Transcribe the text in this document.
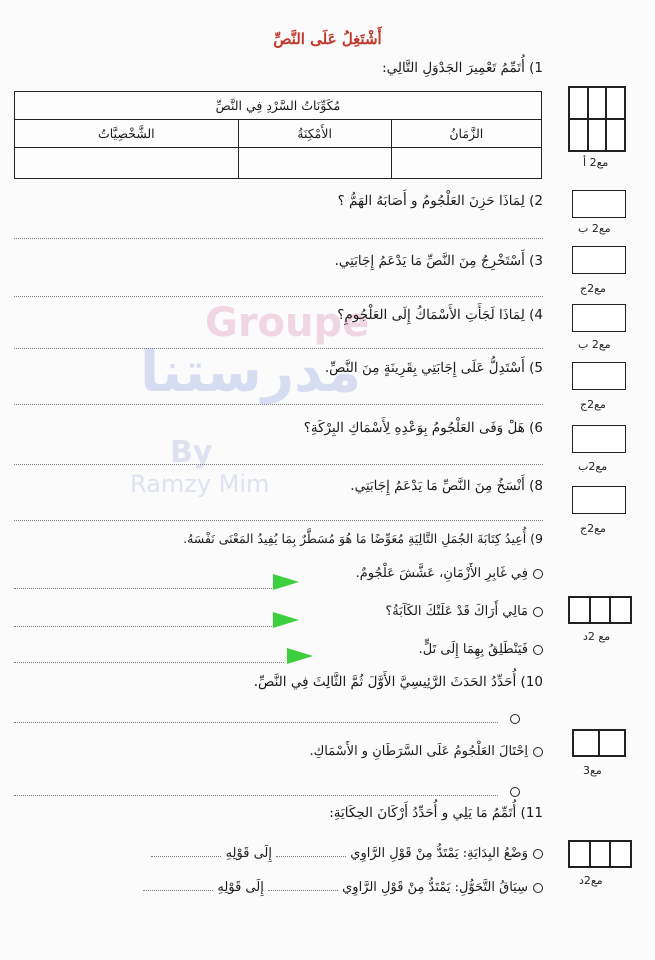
Groupe
مدرستنا
By
Ramzy Mim
أَشْتَغِلُ عَلَى النَّصِّ
1) أُتَمِّمُ تَعْمِيرَ الجَدْوَلِ التَّالِي:
مُكَوِّنَاتُ السَّرْدِ فِي النَّصِّ		
الزَّمَانُ	الأَمْكِنَةُ	الشَّخْصِيَّاتُ

2) لِمَاذَا حَزِنَ العَلْجُومُ و أَصَابَهُ الهَمُّ ؟
3) أَسْتَخْرِجُ مِنَ النَّصِّ مَا يَدْعَمُ إِجَابَتِي.
4) لِمَاذَا لَجَأَتِ الأَسْمَاكُ إِلَى العَلْجُومِ؟
5) أَسْتَدِلُّ عَلَى إِجَابَتِي بِقَرِينَةٍ مِنَ النَّصِّ.
6) هَلْ وَفَى العَلْجُومُ بِوَعْدِهِ لِأَسْمَاكِ البِرْكَةِ؟
8) أَنْسَخُ مِنَ النَّصِّ مَا يَدْعَمُ إِجَابَتِي.
9) أُعِيدُ كِتَابَةَ الجُمَلِ التَّالِيَةِ مُعَوِّضًا مَا هُوَ مُسَطَّرٌ بِمَا يُفِيدُ المَعْنَى نَفْسَهُ.
فِي غَابِرِ الأَزْمَانِ، عَشَّشَ عَلْجُومٌ.
مَالِي أَرَاكَ قَدْ عَلَتْكَ الكَآبَةُ؟
فَيَنْطَلِقُ بِهِمَا إِلَى تَلٍّ.
10) أُحَدِّدُ الحَدَثَ الرَّئِيسِيَّ الأَوَّلَ ثُمَّ الثَّالِثَ فِي النَّصِّ.
اِحْتَالَ العَلْجُومُ عَلَى السَّرَطَانِ و الأَسْمَاكِ.
11) أُتَمِّمُ مَا يَلِي و أُحَدِّدُ أَرْكَانَ الحِكَايَةِ:
وَضْعُ البِدَايَةِ: يَمْتَدُّ مِنْ قَوْلِ الرَّاوِي  إِلَى قَوْلِهِ
سِيَاقُ التَّحَوُّلِ: يَمْتَدُّ مِنْ قَوْلِ الرَّاوِي  إِلَى قَوْلِهِ
مع2 أ
مع2 ب
مع2ج
مع2 ب
مع2ج
مع2ب
مع2ج
مع 2د
مع3
مع2د
